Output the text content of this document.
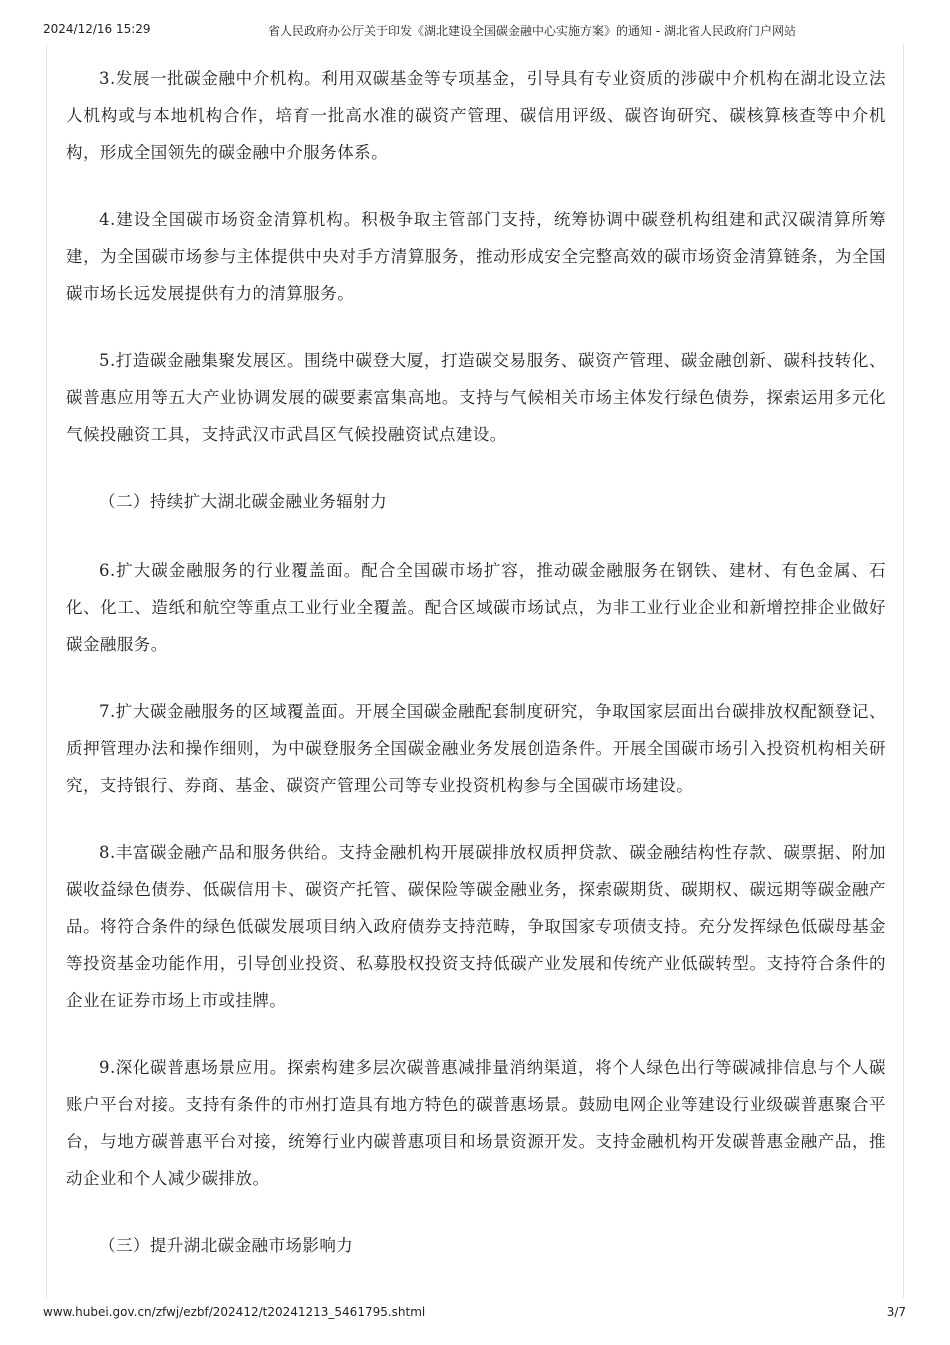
2024/12/16 15:29	省人民政府办公厅关于印发《湖北建设全国碳金融中心实施方案》的通知 - 湖北省人民政府门户网站

3.发展一批碳金融中介机构。利用双碳基金等专项基金，引导具有专业资质的涉碳中介机构在湖北设立法人机构或与本地机构合作，培育一批高水准的碳资产管理、碳信用评级、碳咨询研究、碳核算核查等中介机构，形成全国领先的碳金融中介服务体系。

4.建设全国碳市场资金清算机构。积极争取主管部门支持，统筹协调中碳登机构组建和武汉碳清算所筹建，为全国碳市场参与主体提供中央对手方清算服务，推动形成安全完整高效的碳市场资金清算链条，为全国碳市场长远发展提供有力的清算服务。

5.打造碳金融集聚发展区。围绕中碳登大厦，打造碳交易服务、碳资产管理、碳金融创新、碳科技转化、碳普惠应用等五大产业协调发展的碳要素富集高地。支持与气候相关市场主体发行绿色债券，探索运用多元化气候投融资工具，支持武汉市武昌区气候投融资试点建设。

（二）持续扩大湖北碳金融业务辐射力

6.扩大碳金融服务的行业覆盖面。配合全国碳市场扩容，推动碳金融服务在钢铁、建材、有色金属、石化、化工、造纸和航空等重点工业行业全覆盖。配合区域碳市场试点，为非工业行业企业和新增控排企业做好碳金融服务。

7.扩大碳金融服务的区域覆盖面。开展全国碳金融配套制度研究，争取国家层面出台碳排放权配额登记、质押管理办法和操作细则，为中碳登服务全国碳金融业务发展创造条件。开展全国碳市场引入投资机构相关研究，支持银行、券商、基金、碳资产管理公司等专业投资机构参与全国碳市场建设。

8.丰富碳金融产品和服务供给。支持金融机构开展碳排放权质押贷款、碳金融结构性存款、碳票据、附加碳收益绿色债券、低碳信用卡、碳资产托管、碳保险等碳金融业务，探索碳期货、碳期权、碳远期等碳金融产品。将符合条件的绿色低碳发展项目纳入政府债券支持范畴，争取国家专项债支持。充分发挥绿色低碳母基金等投资基金功能作用，引导创业投资、私募股权投资支持低碳产业发展和传统产业低碳转型。支持符合条件的企业在证券市场上市或挂牌。

9.深化碳普惠场景应用。探索构建多层次碳普惠减排量消纳渠道，将个人绿色出行等碳减排信息与个人碳账户平台对接。支持有条件的市州打造具有地方特色的碳普惠场景。鼓励电网企业等建设行业级碳普惠聚合平台，与地方碳普惠平台对接，统筹行业内碳普惠项目和场景资源开发。支持金融机构开发碳普惠金融产品，推动企业和个人减少碳排放。

（三）提升湖北碳金融市场影响力

www.hubei.gov.cn/zfwj/ezbf/202412/t20241213_5461795.shtml	3/7
